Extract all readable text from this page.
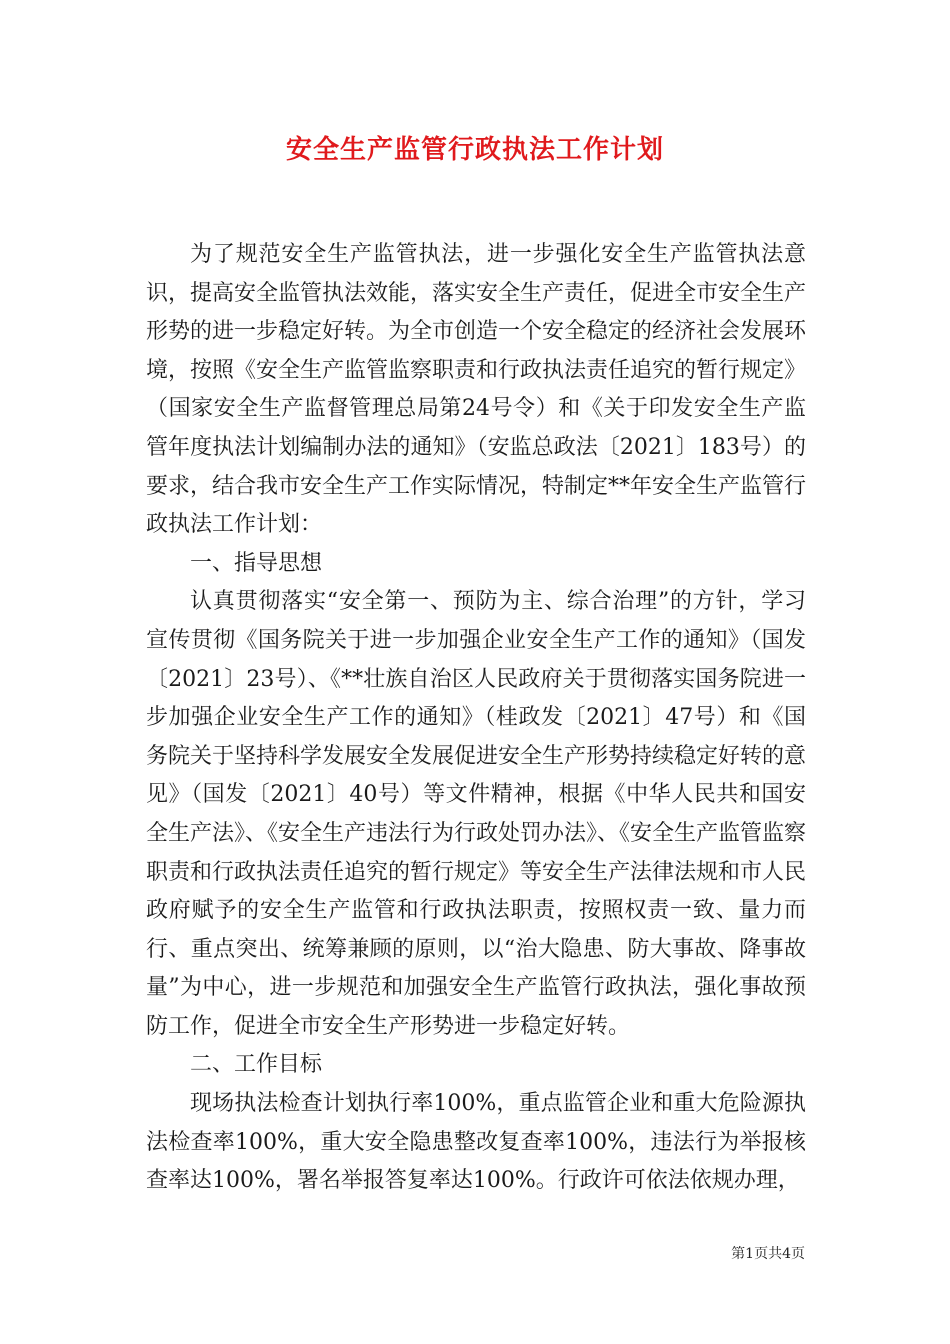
安全生产监管行政执法工作计划

为了规范安全生产监管执法，进一步强化安全生产监管执法意识，提高安全监管执法效能，落实安全生产责任，促进全市安全生产形势的进一步稳定好转。为全市创造一个安全稳定的经济社会发展环境，按照《安全生产监管监察职责和行政执法责任追究的暂行规定》（国家安全生产监督管理总局第24号令）和《关于印发安全生产监管年度执法计划编制办法的通知》（安监总政法〔2021〕183号）的要求，结合我市安全生产工作实际情况，特制定**年安全生产监管行政执法工作计划：

一、指导思想

认真贯彻落实“安全第一、预防为主、综合治理”的方针，学习宣传贯彻《国务院关于进一步加强企业安全生产工作的通知》（国发〔2021〕23号）、《**壮族自治区人民政府关于贯彻落实国务院进一步加强企业安全生产工作的通知》（桂政发〔2021〕47号）和《国务院关于坚持科学发展安全发展促进安全生产形势持续稳定好转的意见》（国发〔2021〕40号）等文件精神，根据《中华人民共和国安全生产法》、《安全生产违法行为行政处罚办法》、《安全生产监管监察职责和行政执法责任追究的暂行规定》等安全生产法律法规和市人民政府赋予的安全生产监管和行政执法职责，按照权责一致、量力而行、重点突出、统筹兼顾的原则，以“治大隐患、防大事故、降事故量”为中心，进一步规范和加强安全生产监管行政执法，强化事故预防工作，促进全市安全生产形势进一步稳定好转。

二、工作目标

现场执法检查计划执行率100%，重点监管企业和重大危险源执法检查率100%，重大安全隐患整改复查率100%，违法行为举报核查率达100%，署名举报答复率达100%。行政许可依法依规办理，

第1页共4页
